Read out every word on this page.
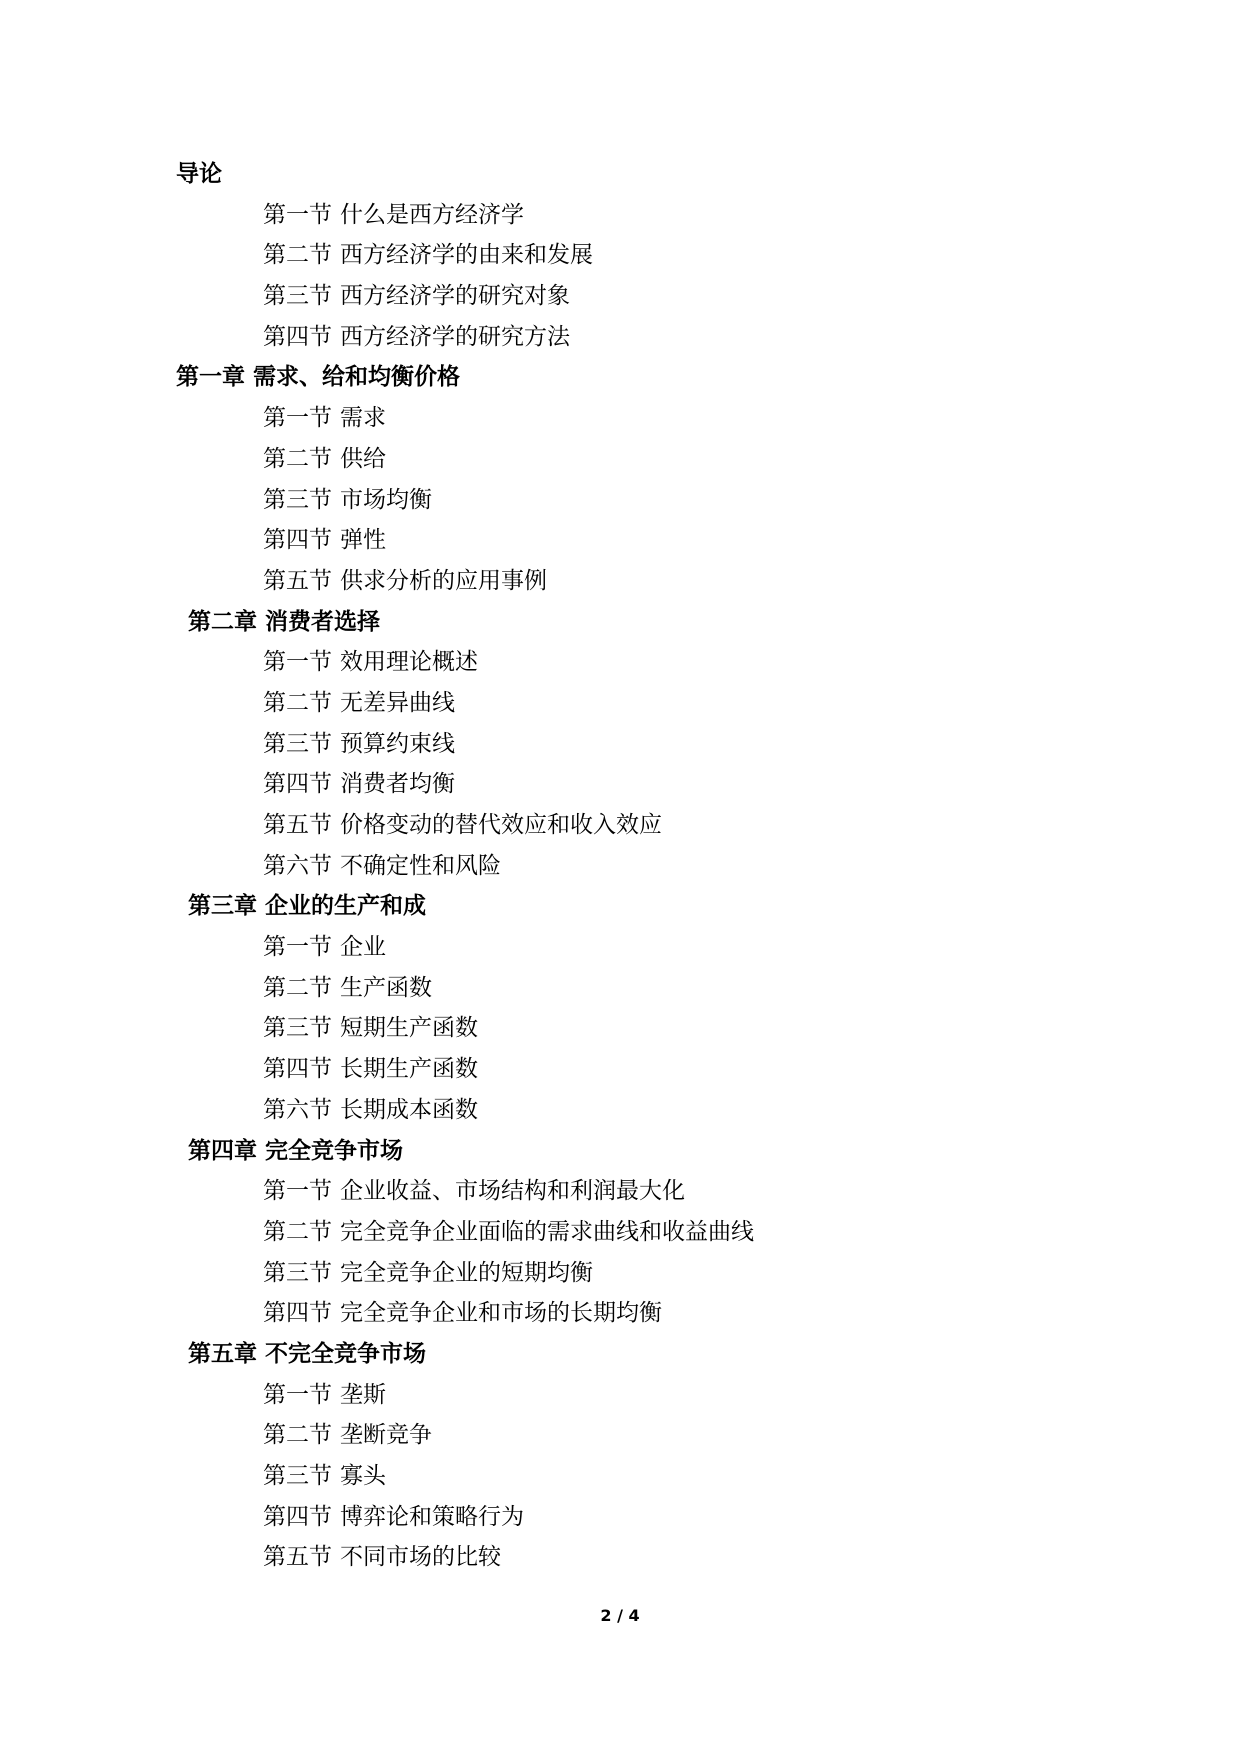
导论
第一节 什么是西方经济学
第二节 西方经济学的由来和发展
第三节 西方经济学的研究对象
第四节 西方经济学的研究方法
第一章 需求、给和均衡价格
第一节 需求
第二节 供给
第三节 市场均衡
第四节 弹性
第五节 供求分析的应用事例
第二章 消费者选择
第一节 效用理论概述
第二节 无差异曲线
第三节 预算约束线
第四节 消费者均衡
第五节 价格变动的替代效应和收入效应
第六节 不确定性和风险
第三章 企业的生产和成
第一节 企业
第二节 生产函数
第三节 短期生产函数
第四节 长期生产函数
第六节 长期成本函数
第四章 完全竞争市场
第一节 企业收益、市场结构和利润最大化
第二节 完全竞争企业面临的需求曲线和收益曲线
第三节 完全竞争企业的短期均衡
第四节 完全竞争企业和市场的长期均衡
第五章 不完全竞争市场
第一节 垄斯
第二节 垄断竞争
第三节 寡头
第四节 博弈论和策略行为
第五节 不同市场的比较
2 / 4
